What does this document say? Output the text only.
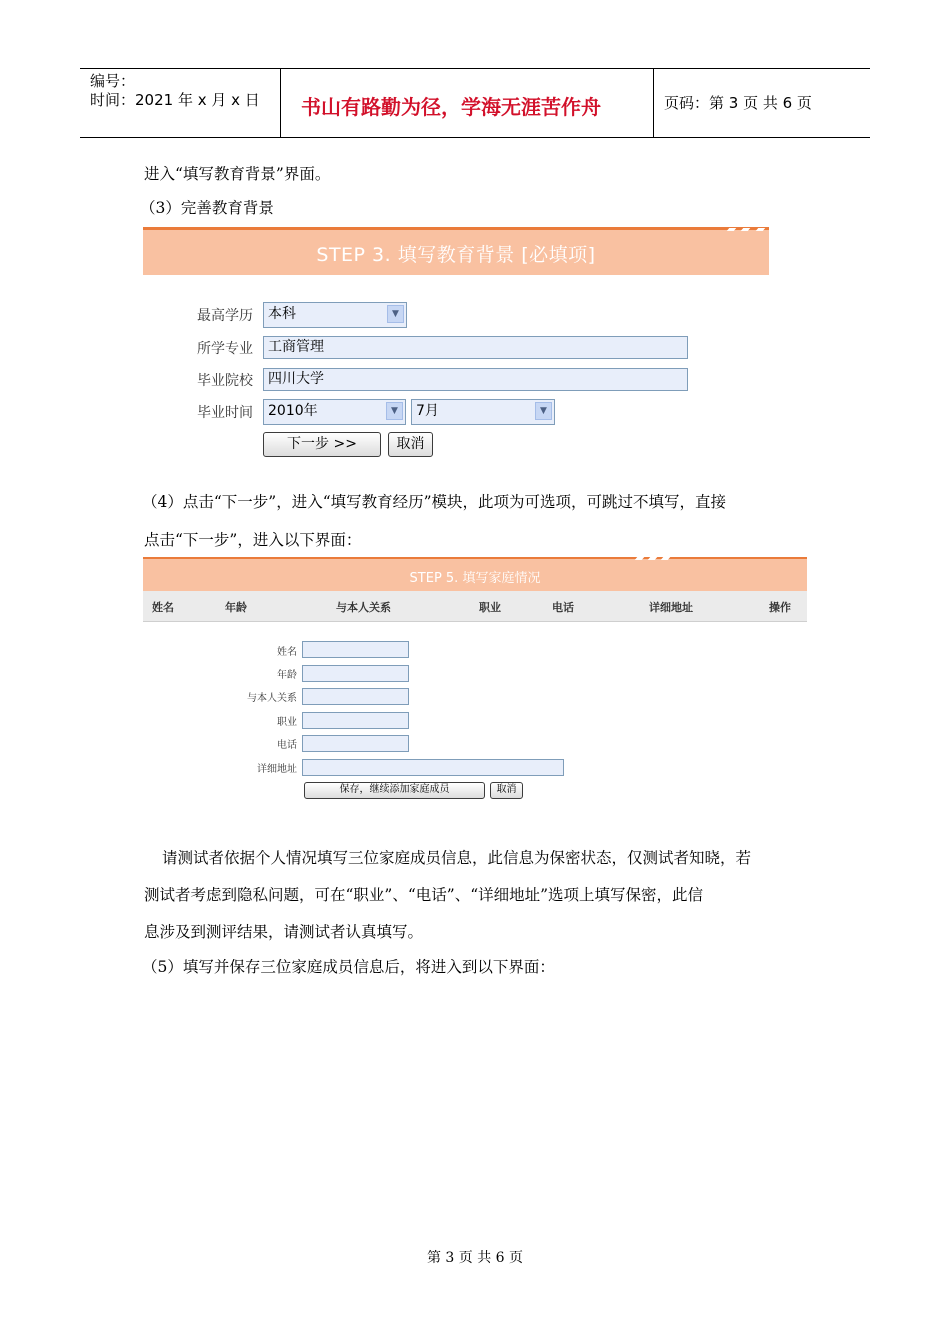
编号：
时间：2021 年 x 月 x 日 书山有路勤为径，学海无涯苦作舟	页码：第 3 页 共 6 页
进入“填写教育背景”界面。
（3）完善教育背景
STEP 3. 填写教育背景 [必填项]
最高学历	本科	▼
所学专业	工商管理
毕业院校	四川大学
毕业时间	2010年	▼	7月	▼
下一步 >>	取消
（4）点击“下一步”，进入“填写教育经历”模块，此项为可选项，可跳过不填写，直接
点击“下一步”，进入以下界面：
STEP 5. 填写家庭情况
姓名	年龄	与本人关系	职业	电话	详细地址	操作
姓名
年龄
与本人关系
职业
电话
详细地址
保存，继续添加家庭成员	取消
请测试者依据个人情况填写三位家庭成员信息，此信息为保密状态，仅测试者知晓，若
测试者考虑到隐私问题，可在“职业”、“电话”、“详细地址”选项上填写保密，此信
息涉及到测评结果，请测试者认真填写。
（5）填写并保存三位家庭成员信息后，将进入到以下界面：
第 3 页 共 6 页
